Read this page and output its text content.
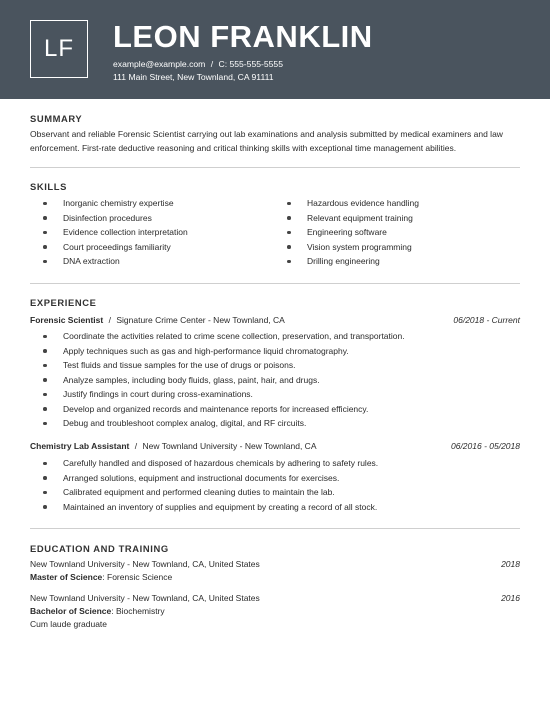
LF LEON FRANKLIN
example@example.com / C: 555-555-5555
111 Main Street, New Townland, CA 91111
SUMMARY
Observant and reliable Forensic Scientist carrying out lab examinations and analysis submitted by medical examiners and law enforcement. First-rate deductive reasoning and critical thinking skills with exceptional time management abilities.
SKILLS
Inorganic chemistry expertise
Disinfection procedures
Evidence collection interpretation
Court proceedings familiarity
DNA extraction
Hazardous evidence handling
Relevant equipment training
Engineering software
Vision system programming
Drilling engineering
EXPERIENCE
Forensic Scientist / Signature Crime Center - New Townland, CA	06/2018 - Current
Coordinate the activities related to crime scene collection, preservation, and transportation.
Apply techniques such as gas and high-performance liquid chromatography.
Test fluids and tissue samples for the use of drugs or poisons.
Analyze samples, including body fluids, glass, paint, hair, and drugs.
Justify findings in court during cross-examinations.
Develop and organized records and maintenance reports for increased efficiency.
Debug and troubleshoot complex analog, digital, and RF circuits.
Chemistry Lab Assistant / New Townland University - New Townland, CA	06/2016 - 05/2018
Carefully handled and disposed of hazardous chemicals by adhering to safety rules.
Arranged solutions, equipment and instructional documents for exercises.
Calibrated equipment and performed cleaning duties to maintain the lab.
Maintained an inventory of supplies and equipment by creating a record of all stock.
EDUCATION AND TRAINING
New Townland University - New Townland, CA, United States	2018
Master of Science: Forensic Science
New Townland University - New Townland, CA, United States	2016
Bachelor of Science: Biochemistry
Cum laude graduate
